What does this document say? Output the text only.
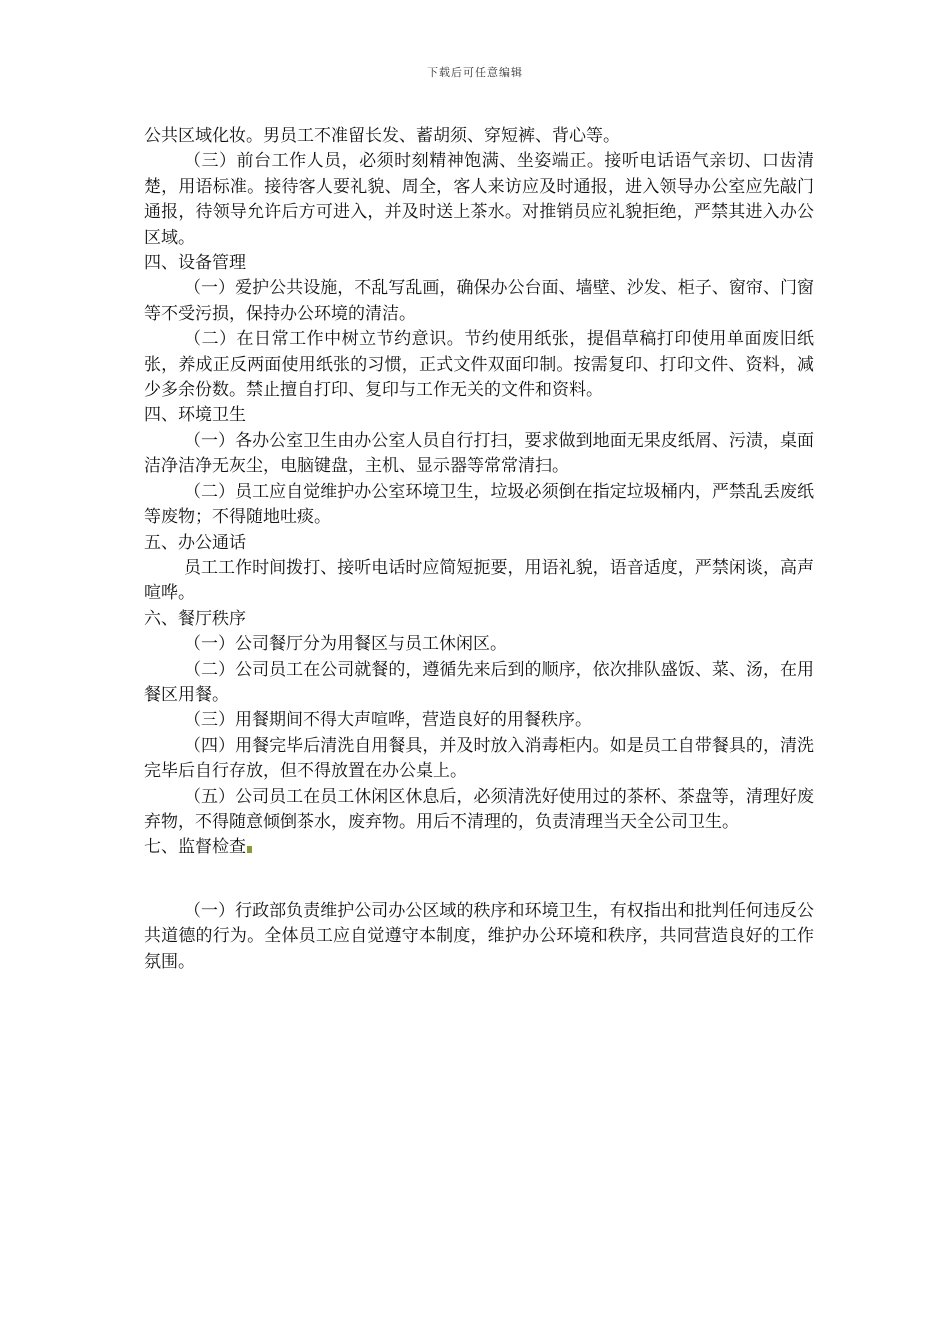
下载后可任意编辑

公共区域化妆。男员工不准留长发、蓄胡须、穿短裤、背心等。

（三）前台工作人员，必须时刻精神饱满、坐姿端正。接听电话语气亲切、口齿清楚，用语标准。接待客人要礼貌、周全，客人来访应及时通报，进入领导办公室应先敲门通报，待领导允许后方可进入，并及时送上茶水。对推销员应礼貌拒绝，严禁其进入办公区域。

四、设备管理

（一）爱护公共设施，不乱写乱画，确保办公台面、墙壁、沙发、柜子、窗帘、门窗等不受污损，保持办公环境的清洁。

（二）在日常工作中树立节约意识。节约使用纸张，提倡草稿打印使用单面废旧纸张，养成正反两面使用纸张的习惯，正式文件双面印制。按需复印、打印文件、资料，减少多余份数。禁止擅自打印、复印与工作无关的文件和资料。

四、环境卫生

（一）各办公室卫生由办公室人员自行打扫，要求做到地面无果皮纸屑、污渍，桌面洁净洁净无灰尘，电脑键盘，主机、显示器等常常清扫。

（二）员工应自觉维护办公室环境卫生，垃圾必须倒在指定垃圾桶内，严禁乱丢废纸等废物；不得随地吐痰。

五、办公通话

员工工作时间拨打、接听电话时应简短扼要，用语礼貌，语音适度，严禁闲谈，高声喧哗。

六、餐厅秩序

（一）公司餐厅分为用餐区与员工休闲区。

（二）公司员工在公司就餐的，遵循先来后到的顺序，依次排队盛饭、菜、汤，在用餐区用餐。

（三）用餐期间不得大声喧哗，营造良好的用餐秩序。

（四）用餐完毕后清洗自用餐具，并及时放入消毒柜内。如是员工自带餐具的，清洗完毕后自行存放，但不得放置在办公桌上。

（五）公司员工在员工休闲区休息后，必须清洗好使用过的茶杯、茶盘等，清理好废弃物，不得随意倾倒茶水，废弃物。用后不清理的，负责清理当天全公司卫生。

七、监督检查

（一）行政部负责维护公司办公区域的秩序和环境卫生，有权指出和批判任何违反公共道德的行为。全体员工应自觉遵守本制度，维护办公环境和秩序，共同营造良好的工作氛围。
